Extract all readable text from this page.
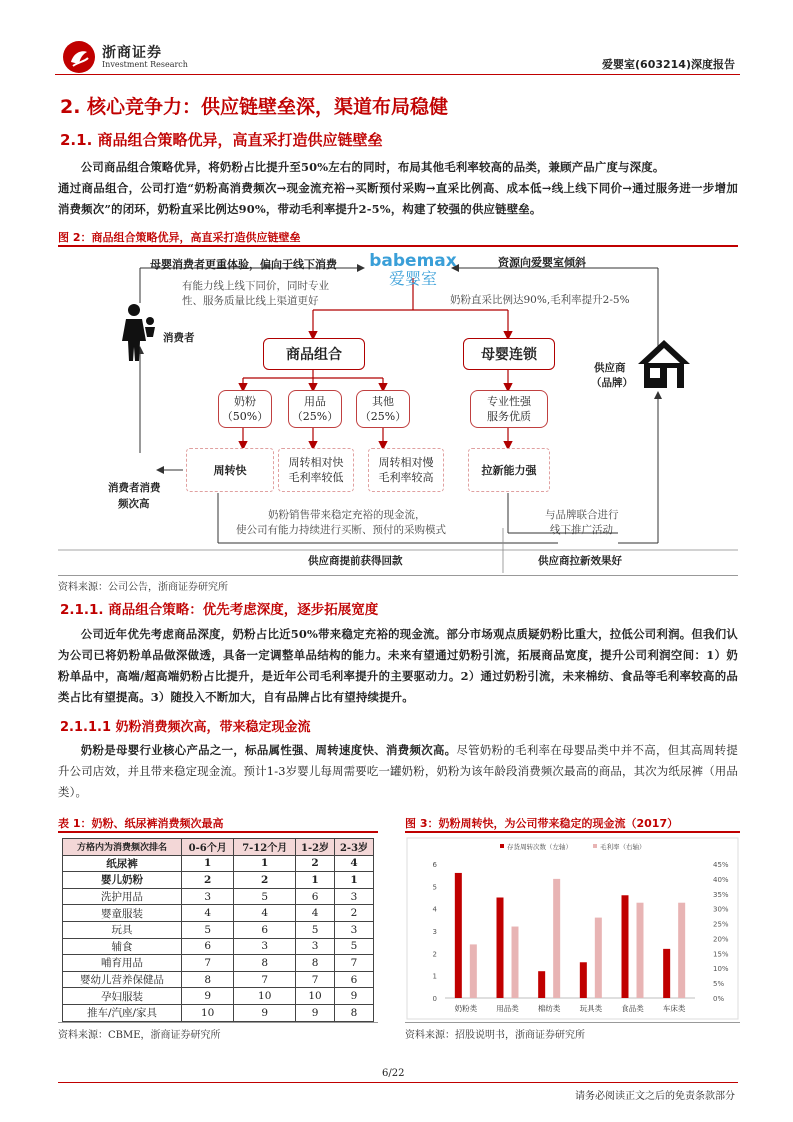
浙商证券
Investment Research	爱婴室(603214)深度报告
2. 核心竞争力：供应链壁垒深，渠道布局稳健
2.1. 商品组合策略优异，高直采打造供应链壁垒

公司商品组合策略优异，将奶粉占比提升至50%左右的同时，布局其他毛利率较高的品类，兼顾产品广度与深度。

通过商品组合，公司打造“奶粉高消费频次→现金流充裕→买断预付采购→直采比例高、成本低→线上线下同价→通过服务进一步增加消费频次”的闭环，奶粉直采比例达90%，带动毛利率提升2-5%，构建了较强的供应链壁垒。

图 2：商品组合策略优异，高直采打造供应链壁垒
母婴消费者更重体验，偏向于线下消费	资源向爱婴室倾斜
babemax
爱婴室
有能力线上线下同价，同时专业
性、服务质量比线上渠道更好	奶粉直采比例达90%,毛利率提升2-5%
消费者
供应商
（品牌）
商品组合	母婴连锁
奶粉
（50%）
用品
（25%）
其他
（25%）
专业性强
服务优质
周转快
周转相对快
毛利率较低
周转相对慢
毛利率较高
拉新能力强
消费者消费
频次高
奶粉销售带来稳定充裕的现金流，
使公司有能力持续进行买断、预付的采购模式
与品牌联合进行
线下推广活动
供应商提前获得回款	供应商拉新效果好
资料来源：公司公告，浙商证券研究所
2.1.1. 商品组合策略：优先考虑深度，逐步拓展宽度

公司近年优先考虑商品深度，奶粉占比近50%带来稳定充裕的现金流。部分市场观点质疑奶粉比重大，拉低公司利润。但我们认为公司已将奶粉单品做深做透，具备一定调整单品结构的能力。未来有望通过奶粉引流，拓展商品宽度，提升公司利润空间：1）奶粉单品中，高端/超高端奶粉占比提升，是近年公司毛利率提升的主要驱动力。2）通过奶粉引流，未来棉纺、食品等毛利率较高的品类占比有望提高。3）随投入不断加大，自有品牌占比有望持续提升。

2.1.1.1 奶粉消费频次高，带来稳定现金流

奶粉是母婴行业核心产品之一，标品属性强、周转速度快、消费频次高。尽管奶粉的毛利率在母婴品类中并不高，但其高周转提升公司店效，并且带来稳定现金流。预计1-3岁婴儿每周需要吃一罐奶粉，奶粉为该年龄段消费频次最高的商品，其次为纸尿裤（用品类）。

表 1：奶粉、纸尿裤消费频次最高
方格内为消费频次排名	0-6个月	7-12个月	1-2岁	2-3岁
纸尿裤	1	1	2	4
婴儿奶粉	2	2	1	1
洗护用品	3	5	6	3
婴童服装	4	4	4	2
玩具	5	6	5	3
辅食	6	3	3	5
哺育用品	7	8	8	7
婴幼儿营养保健品	8	7	7	6
孕妇服装	9	10	10	9
推车/汽座/家具	10	9	9	8
资料来源：CBME，浙商证券研究所
图 3：奶粉周转快，为公司带来稳定的现金流（2017）
0
1
2
3
4
5
6
0%
5%
10%
15%
20%
25%
30%
35%
40%
45%
奶粉类	用品类	棉纺类	玩具类	食品类	车床类
存货周转次数（左轴）	毛利率（右轴）
资料来源：招股说明书，浙商证券研究所
6/22
请务必阅读正文之后的免责条款部分
